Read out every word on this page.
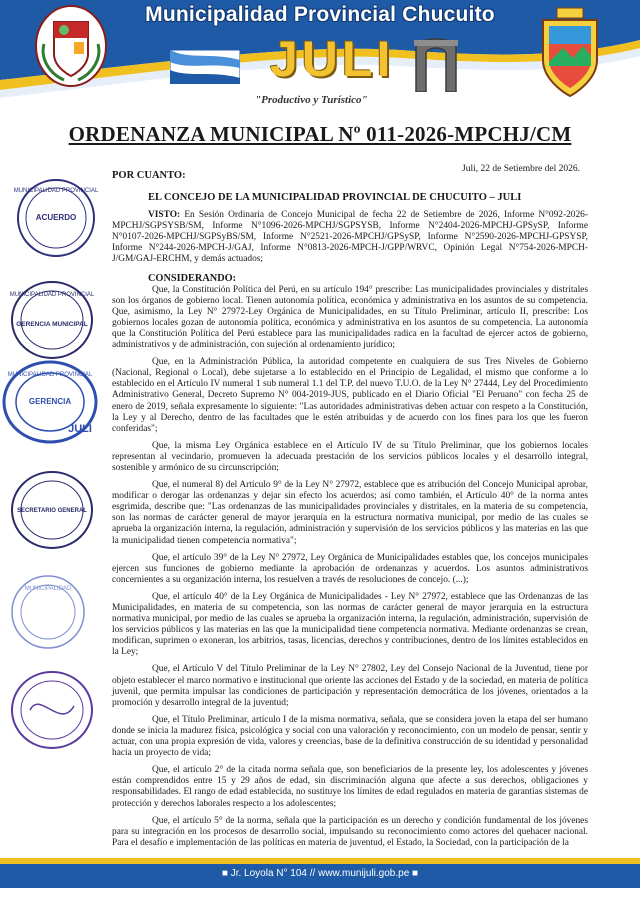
Municipalidad Provincial Chucuito
JULI
"Productivo y Turístico"
ORDENANZA MUNICIPAL Nº 011-2026-MPCHJ/CM
Juli, 22 de Setiembre del 2026.
POR CUANTO:
EL CONCEJO DE LA MUNICIPALIDAD PROVINCIAL DE CHUCUITO – JULI
MUNICIPALIDAD PROVINCIAL
ACUERDO
MUNICIPALIDAD PROVINCIAL
GERENCIA MUNICIPAL
MUNICIPALIDAD PROVINCIAL
GERENCIA
JULI
SECRETARIO GENERAL
MUNICIPALIDAD

VISTO: En Sesión Ordinaria de Concejo Municipal de fecha 22 de Setiembre de 2026, Informe N°092-2026-MPCHJ/SGPSYSB/SM, Informe N°1096-2026-MPCHJ/SGPSYSB, Informe N°2404-2026-MPCHJ-GPSySP, Informe N°0107-2026-MPCHJ/SGPSyBS/SM, Informe N°2521-2026-MPCHJ/GPSySP, Informe N°2590-2026-MPCHJ-GPSYSP, Informe N°244-2026-MPCH-J/GAJ, Informe N°0813-2026-MPCH-J/GPP/WRVC, Opinión Legal N°754-2026-MPCH-J/GM/GAJ-ERCHM, y demás actuados;

CONSIDERANDO:

Que, la Constitución Política del Perú, en su artículo 194° prescribe: Las municipalidades provinciales y distritales son los órganos de gobierno local. Tienen autonomía política, económica y administrativa en los asuntos de su competencia. Que, asimismo, la Ley N° 27972-Ley Orgánica de Municipalidades, en su Título Preliminar, artículo II, prescribe: Los gobiernos locales gozan de autonomía política, económica y administrativa en los asuntos de su competencia. La autonomía que la Constitución Política del Perú establece para las municipalidades radica en la facultad de ejercer actos de gobierno, administrativos y de administración, con sujeción al ordenamiento jurídico;

Que, en la Administración Pública, la autoridad competente en cualquiera de sus Tres Niveles de Gobierno (Nacional, Regional o Local), debe sujetarse a lo establecido en el Principio de Legalidad, el mismo que conforme a lo establecido en el Artículo IV numeral 1 sub numeral 1.1 del T.P. del nuevo T.U.O. de la Ley N° 27444, Ley del Procedimiento Administrativo General, Decreto Supremo N° 004-2019-JUS, publicado en el Diario Oficial "El Peruano" con fecha 25 de enero de 2019, señala expresamente lo siguiente: "Las autoridades administrativas deben actuar con respeto a la Constitución, la Ley y al Derecho, dentro de las facultades que le estén atribuidas y de acuerdo con los fines para los que les fueron conferidas";

Que, la misma Ley Orgánica establece en el Artículo IV de su Título Preliminar, que los gobiernos locales representan al vecindario, promueven la adecuada prestación de los servicios públicos locales y el desarrollo integral, sostenible y armónico de su circunscripción;

Que, el numeral 8) del Artículo 9° de la Ley N° 27972, establece que es atribución del Concejo Municipal aprobar, modificar o derogar las ordenanzas y dejar sin efecto los acuerdos; así como también, el Artículo 40° de la norma antes esgrimida, describe que: "Las ordenanzas de las municipalidades provinciales y distritales, en la materia de su competencia, son las normas de carácter general de mayor jerarquía en la estructura normativa municipal, por medio de las cuales se aprueba la organización interna, la regulación, administración y supervisión de los servicios públicos y las materias en las que la municipalidad tienen competencia normativa";

Que, el artículo 39° de la Ley N° 27972, Ley Orgánica de Municipalidades estables que, los concejos municipales ejercen sus funciones de gobierno mediante la aprobación de ordenanzas y acuerdos. Los asuntos administrativos concernientes a su organización interna, los resuelven a través de resoluciones de concejo. (...);

Que, el artículo 40° de la Ley Orgánica de Municipalidades - Ley N° 27972, establece que las Ordenanzas de las Municipalidades, en materia de su competencia, son las normas de carácter general de mayor jerarquía en la estructura normativa municipal, por medio de las cuales se aprueba la organización interna, la regulación, administración, supervisión de los servicios públicos y las materias en las que la municipalidad tiene competencia normativa. Mediante ordenanzas se crean, modifican, suprimen o exoneran, los arbitrios, tasas, licencias, derechos y contribuciones, dentro de los límites establecidos en la Ley;

Que, el Artículo V del Título Preliminar de la Ley N° 27802, Ley del Consejo Nacional de la Juventud, tiene por objeto establecer el marco normativo e institucional que oriente las acciones del Estado y de la sociedad, en materia de política juvenil, que permita impulsar las condiciones de participación y representación democrática de los jóvenes, orientados a la promoción y desarrollo integral de la juventud;

Que, el Título Preliminar, artículo I de la misma normativa, señala, que se considera joven la etapa del ser humano donde se inicia la madurez física, psicológica y social con una valoración y reconocimiento, con un modelo de pensar, sentir y actuar, con una propia expresión de vida, valores y creencias, base de la definitiva construcción de su identidad y personalidad hacia un proyecto de vida;

Que, el artículo 2° de la citada norma señala que, son beneficiarios de la presente ley, los adolescentes y jóvenes están comprendidos entre 15 y 29 años de edad, sin discriminación alguna que afecte a sus derechos, obligaciones y responsabilidades. El rango de edad establecida, no sustituye los límites de edad regulados en materia de garantías sistemas de protección y derechos laborales respecto a los adolescentes;

Que, el artículo 5° de la norma, señala que la participación es un derecho y condición fundamental de los jóvenes para su integración en los procesos de desarrollo social, impulsando su reconocimiento como actores del quehacer nacional. Para el desafío e implementación de las políticas en materia de juventud, el Estado, la Sociedad, con la participación de la

■ Jr. Loyola N° 104 // www.munijuli.gob.pe ■
